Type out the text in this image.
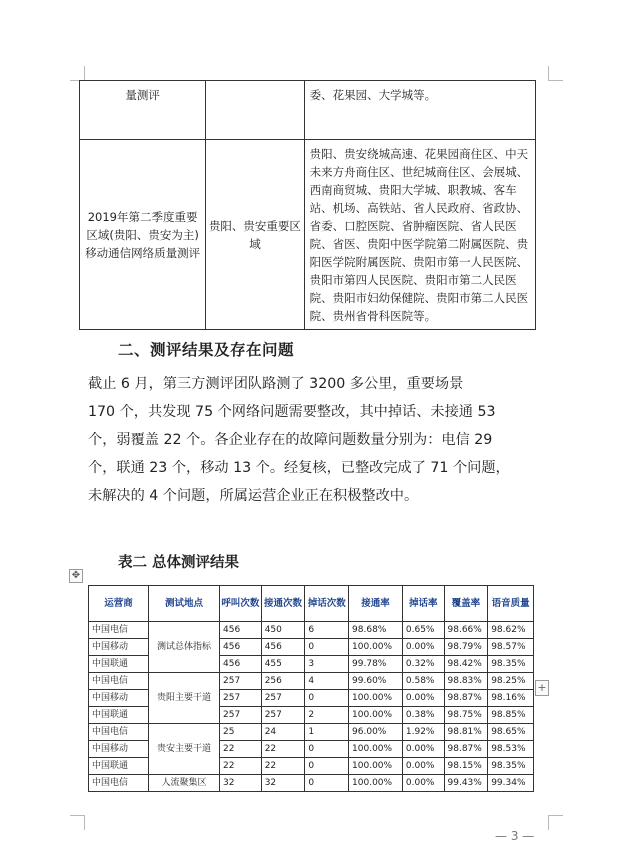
量测评		委、花果园、大学城等。
2019年第二季度重要区域(贵阳、贵安为主)移动通信网络质量测评	贵阳、贵安重要区域	贵阳、贵安绕城高速、花果园商住区、中天未来方舟商住区、世纪城商住区、会展城、西南商贸城、贵阳大学城、职教城、客车站、机场、高铁站、省人民政府、省政协、省委、口腔医院、省肿瘤医院、省人民医院、省医、贵阳中医学院第二附属医院、贵阳医学院附属医院、贵阳市第一人民医院、贵阳市第四人民医院、贵阳市第二人民医院、贵阳市妇幼保健院、贵阳市第二人民医院、贵州省骨科医院等。
二、测评结果及存在问题
截止 6 月，第三方测评团队路测了 3200 多公里，重要场景
170 个，共发现 75 个网络问题需要整改，其中掉话、未接通 53
个，弱覆盖 22 个。各企业存在的故障问题数量分别为：电信 29
个，联通 23 个，移动 13 个。经复核，已整改完成了 71 个问题，
未解决的 4 个问题，所属运营企业正在积极整改中。
表二 总体测评结果
✥
+
运营商	测试地点	呼叫次数	接通次数	掉话次数	接通率	掉话率	覆盖率	语音质量
中国电信	测试总体指标	456	450	6	98.68%	0.65%	98.66%	98.62%
中国移动		456	456	0	100.00%	0.00%	98.79%	98.57%
中国联通		456	455	3	99.78%	0.32%	98.42%	98.35%
中国电信	贵阳主要干道	257	256	4	99.60%	0.58%	98.83%	98.25%
中国移动		257	257	0	100.00%	0.00%	98.87%	98.16%
中国联通		257	257	2	100.00%	0.38%	98.75%	98.85%
中国电信	贵安主要干道	25	24	1	96.00%	1.92%	98.81%	98.65%
中国移动		22	22	0	100.00%	0.00%	98.87%	98.53%
中国联通		22	22	0	100.00%	0.00%	98.15%	98.35%
中国电信	人流聚集区	32	32	0	100.00%	0.00%	99.43%	99.34%
— 3 —
